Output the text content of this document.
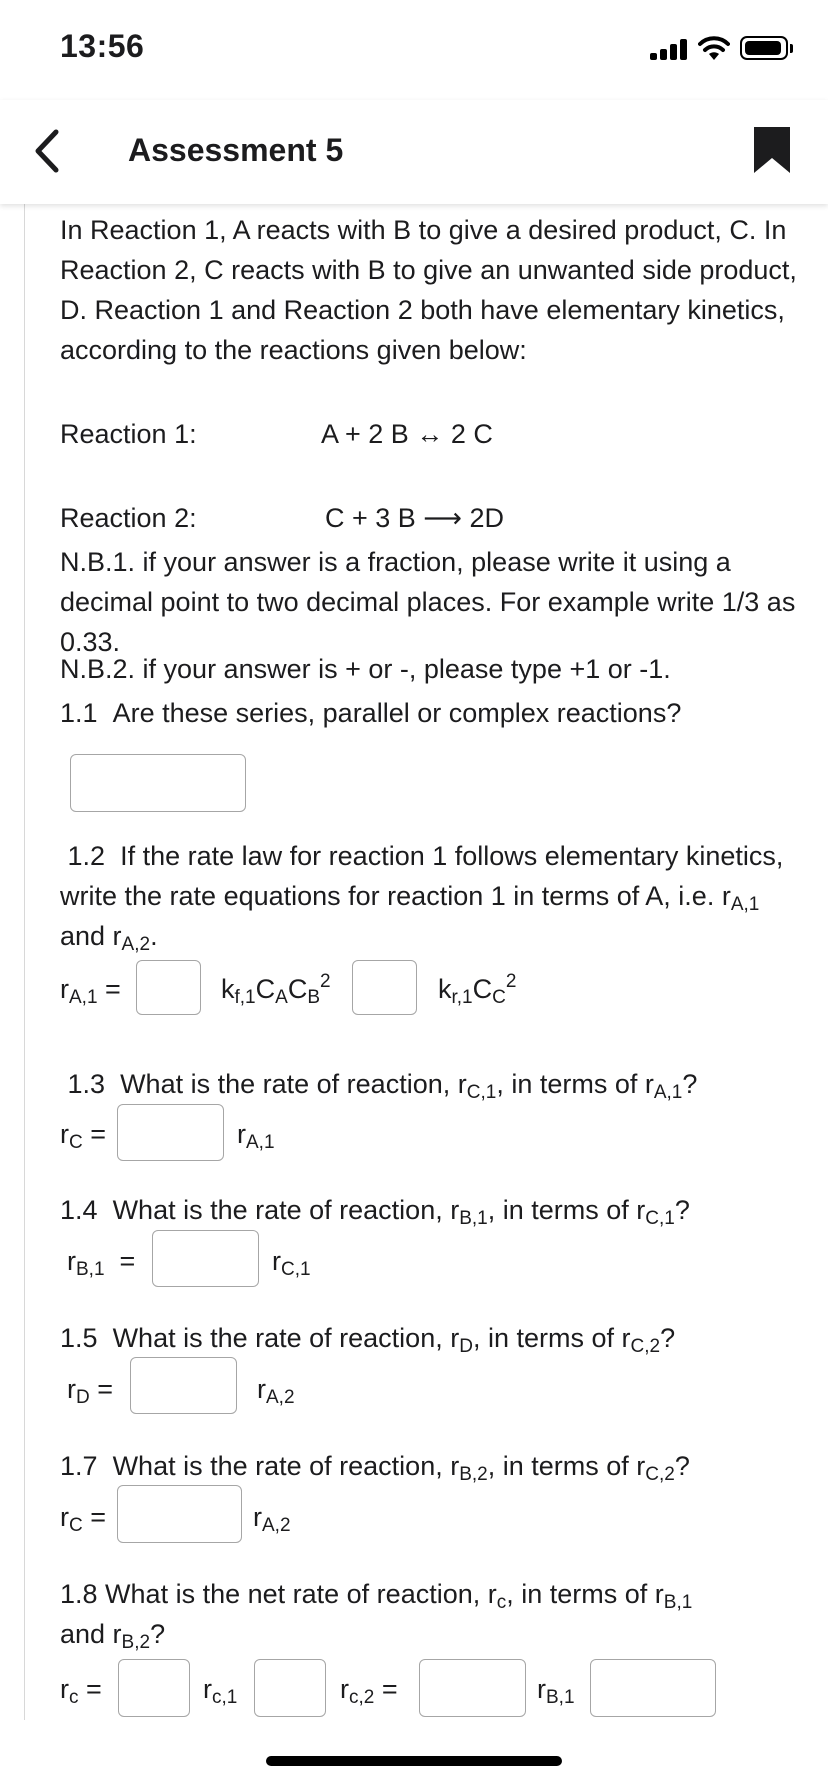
13:56
Assessment 5
In Reaction 1, A reacts with B to give a desired product, C. In Reaction 2, C reacts with B to give an unwanted side product, D. Reaction 1 and Reaction 2 both have elementary kinetics, according to the reactions given below:
Reaction 1:	A + 2 B ↔ 2 C
Reaction 2:	C + 3 B ⟶ 2D
N.B.1. if your answer is a fraction, please write it using a decimal point to two decimal places. For example write 1/3 as 0.33.
N.B.2. if your answer is + or -, please type +1 or -1.
1.1 Are these series, parallel or complex reactions?
1.2 If the rate law for reaction 1 follows elementary kinetics, write the rate equations for reaction 1 in terms of A, i.e. $r_{A,1}$ and $r_{A,2}$.
$r_{A,1}$ =	$k_{f,1}C_AC_B^2$	$k_{r,1}C_C^2$
1.3 What is the rate of reaction, $r_{C,1}$, in terms of $r_{A,1}$?
$r_C$ =	$r_{A,1}$
1.4 What is the rate of reaction, $r_{B,1}$, in terms of $r_{C,1}$?
$r_{B,1}$  =	$r_{C,1}$
1.5 What is the rate of reaction, $r_D$, in terms of $r_{C,2}$?
$r_D$ =	$r_{A,2}$
1.7 What is the rate of reaction, $r_{B,2}$, in terms of $r_{C,2}$?
$r_C$ =	$r_{A,2}$
1.8 What is the net rate of reaction, $r_c$, in terms of $r_{B,1}$
and $r_{B,2}$?
$r_c$ =	$r_{c,1}$	$r_{c,2}$ =	$r_{B,1}$
